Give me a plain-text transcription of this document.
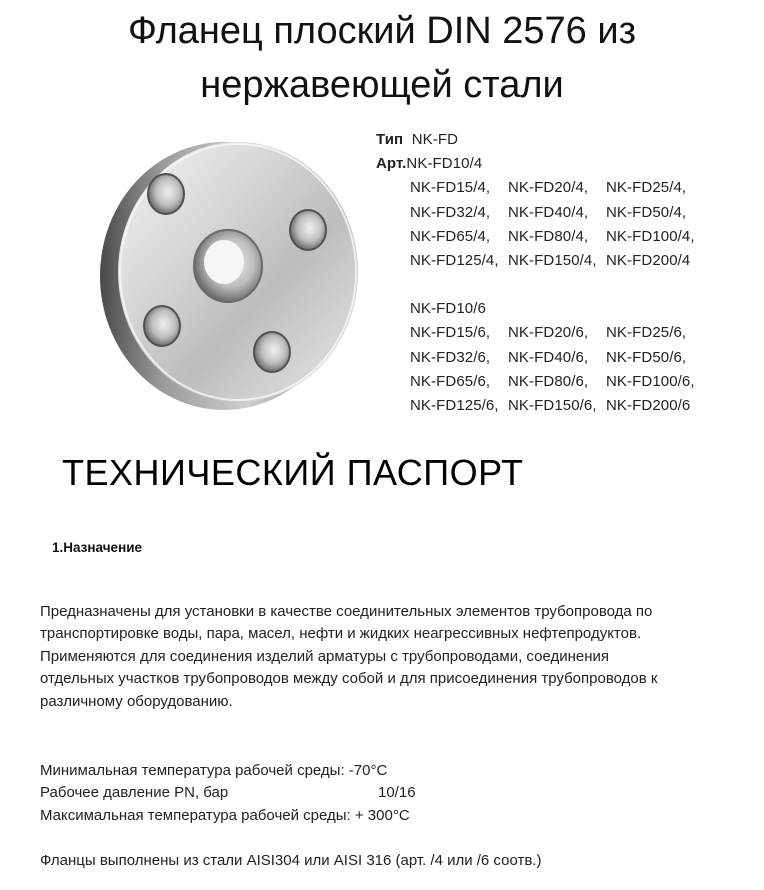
Фланец плоский DIN 2576 из
нержавеющей стали
Тип NK-FD
Арт.NK-FD10/4
NK-FD15/4, NK-FD20/4, NK-FD25/4,
NK-FD32/4, NK-FD40/4, NK-FD50/4,
NK-FD65/4, NK-FD80/4, NK-FD100/4,
NK-FD125/4, NK-FD150/4, NK-FD200/4
NK-FD10/6
NK-FD15/6, NK-FD20/6, NK-FD25/6,
NK-FD32/6, NK-FD40/6, NK-FD50/6,
NK-FD65/6, NK-FD80/6, NK-FD100/6,
NK-FD125/6, NK-FD150/6, NK-FD200/6
ТЕХНИЧЕСКИЙ ПАСПОРТ
1.Назначение
Предназначены для установки в качестве соединительных элементов трубопровода по
транспортировке воды, пара, масел, нефти и жидких неагрессивных нефтепродуктов.
Применяются для соединения изделий арматуры с трубопроводами, соединения
отдельных участков трубопроводов между собой и для присоединения трубопроводов к
различному оборудованию.
Минимальная температура рабочей среды: -70°C
Рабочее давление PN, бар	10/16
Максимальная температура рабочей среды: + 300°C
Фланцы выполнены из стали AISI304 или AISI 316 (арт. /4 или /6 соотв.)
